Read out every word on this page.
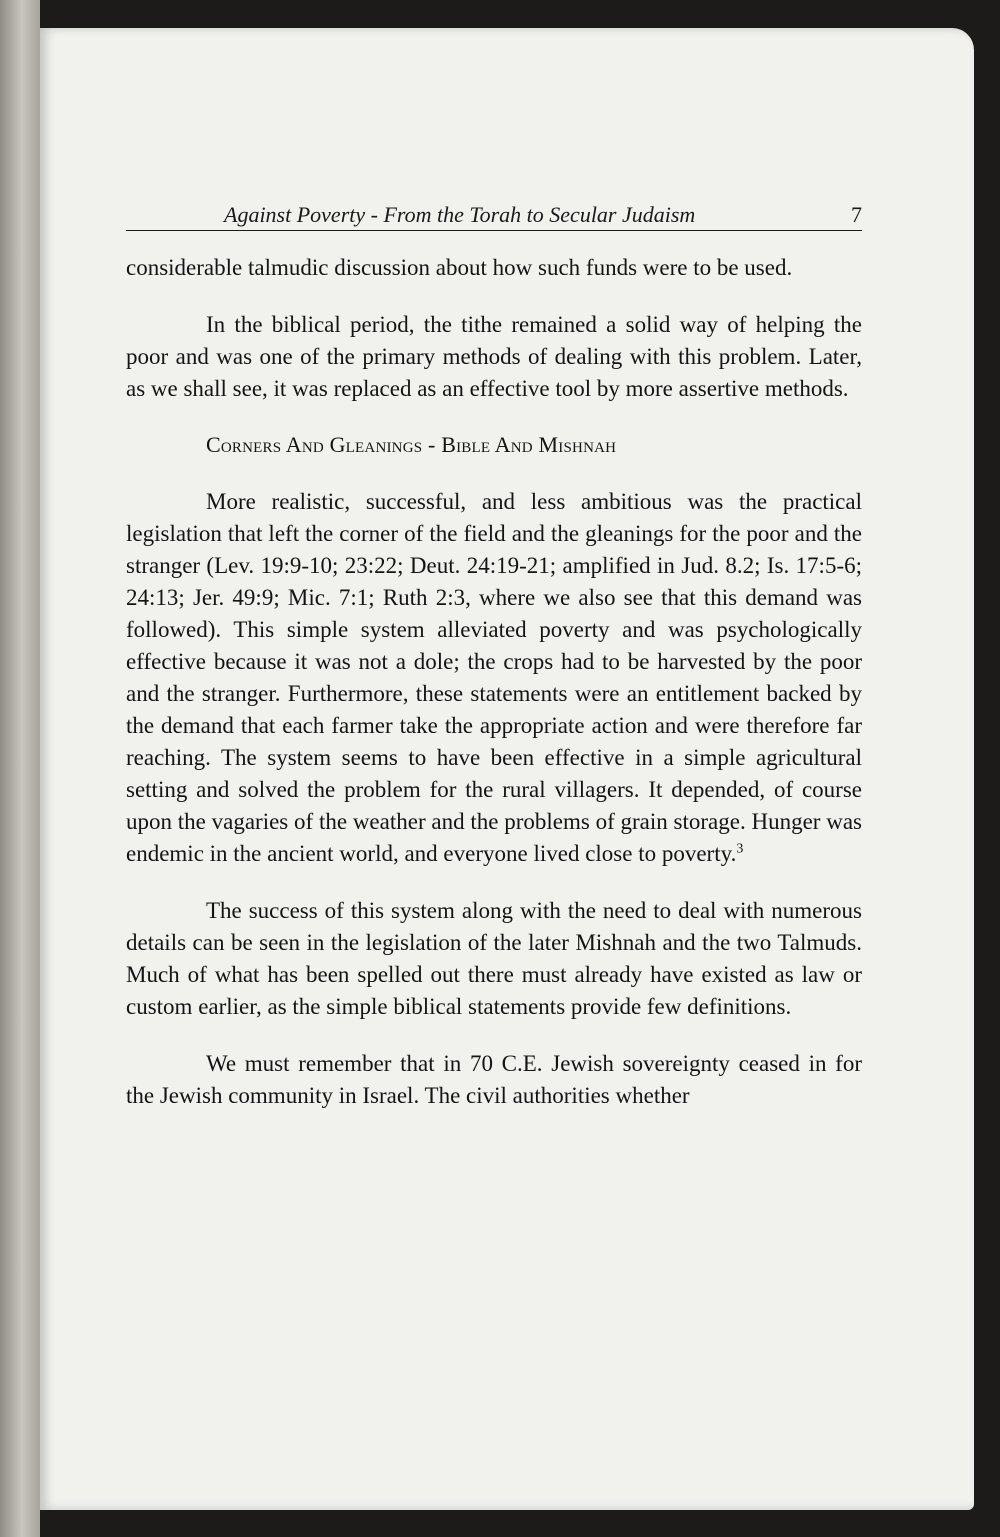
Against Poverty - From the Torah to Secular Judaism	7

considerable talmudic discussion about how such funds were to be used.

In the biblical period, the tithe remained a solid way of helping the poor and was one of the primary methods of dealing with this problem. Later, as we shall see, it was replaced as an effective tool by more assertive methods.

Corners And Gleanings - Bible And Mishnah

More realistic, successful, and less ambitious was the practical legislation that left the corner of the field and the gleanings for the poor and the stranger (Lev. 19:9-10; 23:22; Deut. 24:19-21; amplified in Jud. 8.2; Is. 17:5-6; 24:13; Jer. 49:9; Mic. 7:1; Ruth 2:3, where we also see that this demand was followed). This simple system alleviated poverty and was psychologically effective because it was not a dole; the crops had to be harvested by the poor and the stranger. Furthermore, these statements were an entitlement backed by the demand that each farmer take the appropriate action and were therefore far reaching. The system seems to have been effective in a simple agricultural setting and solved the problem for the rural villagers. It depended, of course upon the vagaries of the weather and the problems of grain storage. Hunger was endemic in the ancient world, and everyone lived close to poverty.$^3$

The success of this system along with the need to deal with numerous details can be seen in the legislation of the later Mishnah and the two Talmuds. Much of what has been spelled out there must already have existed as law or custom earlier, as the simple biblical statements provide few definitions.

We must remember that in 70 C.E. Jewish sovereignty ceased in for the Jewish community in Israel. The civil authorities whether
